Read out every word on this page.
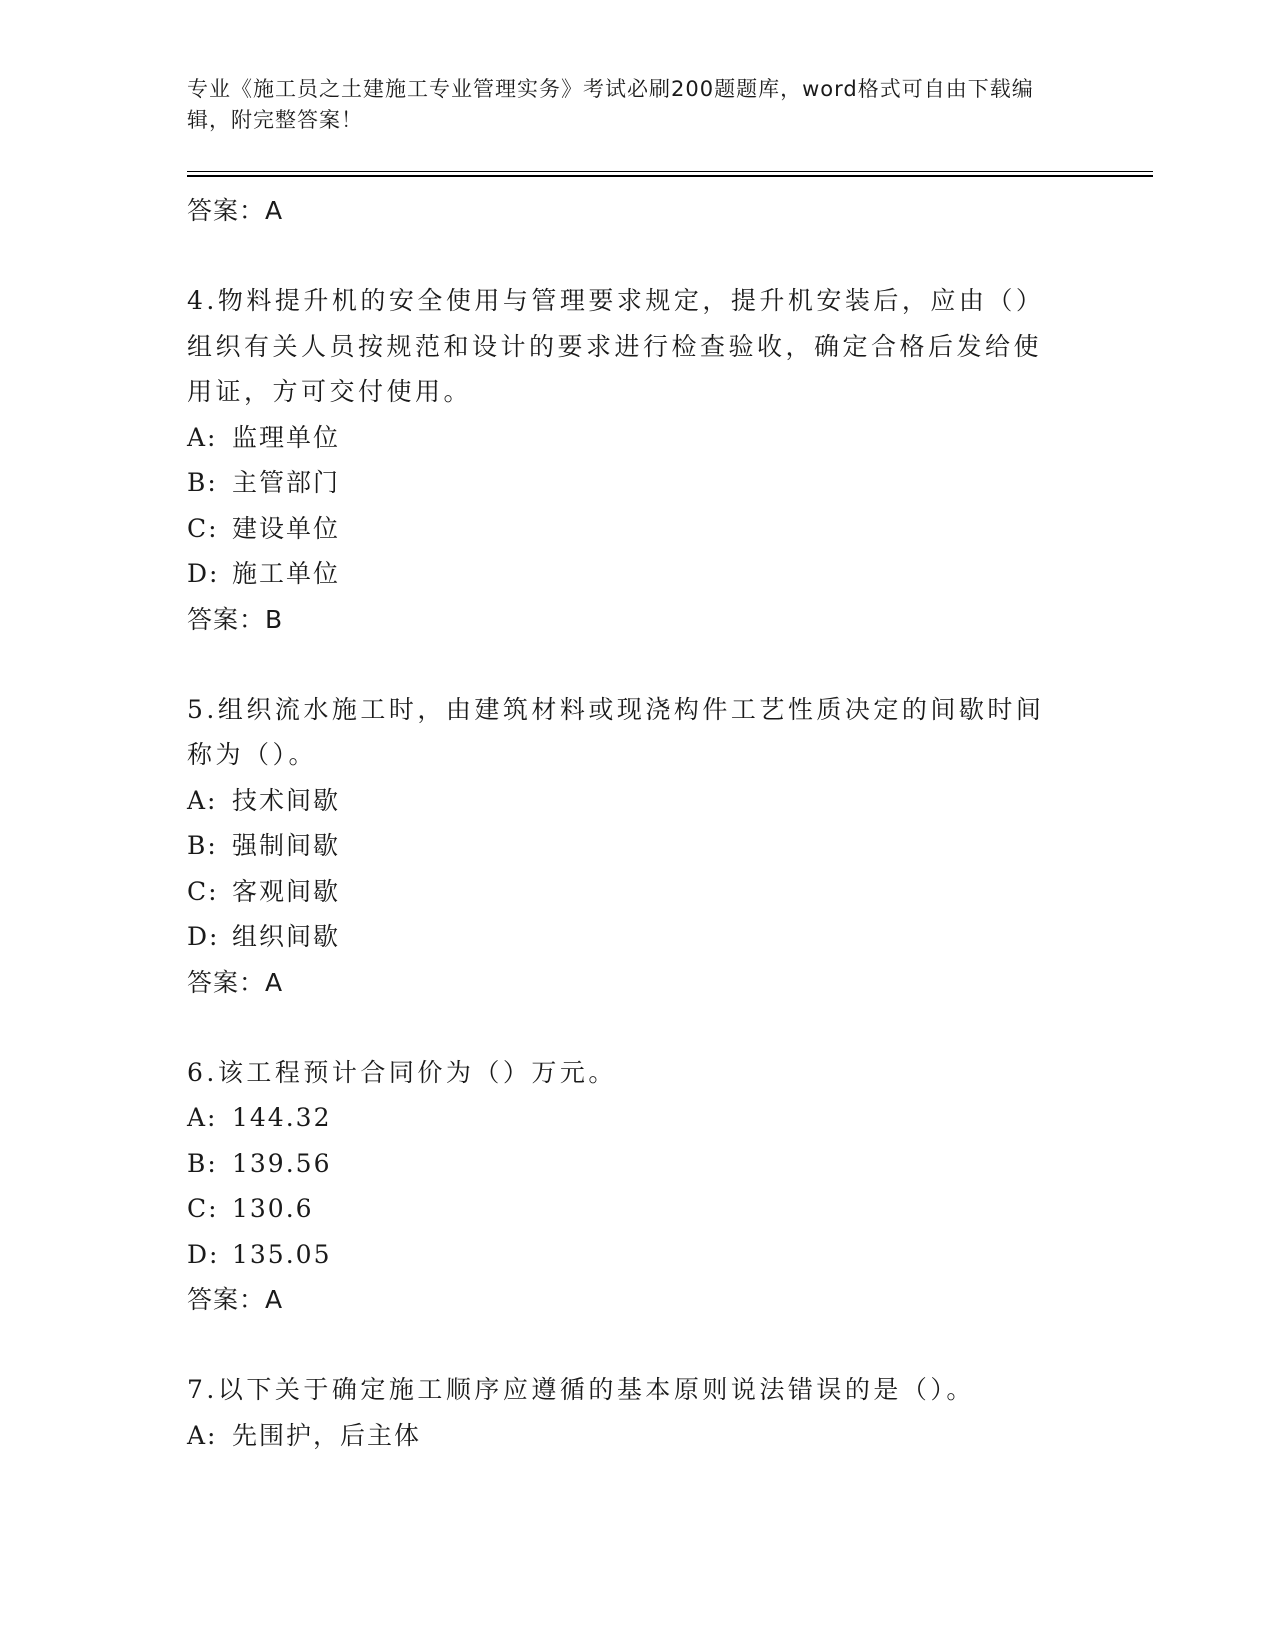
专业《施工员之土建施工专业管理实务》考试必刷200题题库，word格式可自由下载编辑，附完整答案！
答案：A

4.物料提升机的安全使用与管理要求规定，提升机安装后，应由（）组织有关人员按规范和设计的要求进行检查验收，确定合格后发给使用证，方可交付使用。

A: 监理单位
B: 主管部门
C: 建设单位
D: 施工单位
答案：B

5.组织流水施工时，由建筑材料或现浇构件工艺性质决定的间歇时间称为（）。

A: 技术间歇
B: 强制间歇
C: 客观间歇
D: 组织间歇
答案：A

6.该工程预计合同价为（）万元。

A: 144.32
B: 139.56
C: 130.6
D: 135.05
答案：A

7.以下关于确定施工顺序应遵循的基本原则说法错误的是（）。

A: 先围护，后主体
